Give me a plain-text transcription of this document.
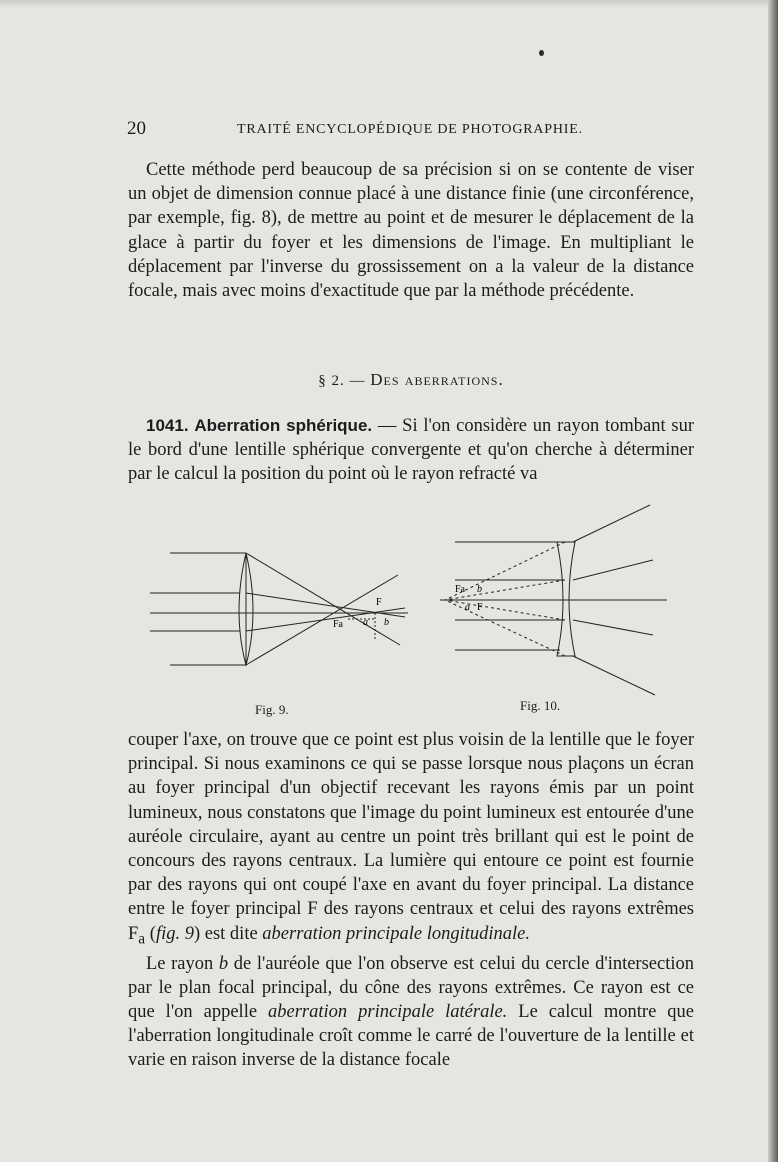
20	TRAITÉ ENCYCLOPÉDIQUE DE PHOTOGRAPHIE.

Cette méthode perd beaucoup de sa précision si on se contente de viser un objet de dimension connue placé à une distance finie (une circonférence, par exemple, fig. 8), de mettre au point et de mesurer le déplacement de la glace à partir du foyer et les dimensions de l'image. En multipliant le déplacement par l'inverse du grossissement on a la valeur de la distance focale, mais avec moins d'exactitude que par la méthode précédente.

§ 2. — Des aberrations.

1041. Aberration sphérique. — Si l'on considère un rayon tombant sur le bord d'une lentille sphérique convergente et qu'on cherche à déterminer par le calcul la position du point où le rayon refracté va

F
Fa a b
Fig. 9.
Fa b
a F
Fig. 10.

couper l'axe, on trouve que ce point est plus voisin de la lentille que le foyer principal. Si nous examinons ce qui se passe lorsque nous plaçons un écran au foyer principal d'un objectif recevant les rayons émis par un point lumineux, nous constatons que l'image du point lumineux est entourée d'une auréole circulaire, ayant au centre un point très brillant qui est le point de concours des rayons centraux. La lumière qui entoure ce point est fournie par des rayons qui ont coupé l'axe en avant du foyer principal. La distance entre le foyer principal F des rayons centraux et celui des rayons extrêmes $F_a$ (fig. 9) est dite aberration principale longitudinale.

Le rayon b de l'auréole que l'on observe est celui du cercle d'intersection par le plan focal principal, du cône des rayons extrêmes. Ce rayon est ce que l'on appelle aberration principale latérale. Le calcul montre que l'aberration longitudinale croît comme le carré de l'ouverture de la lentille et varie en raison inverse de la distance focale
